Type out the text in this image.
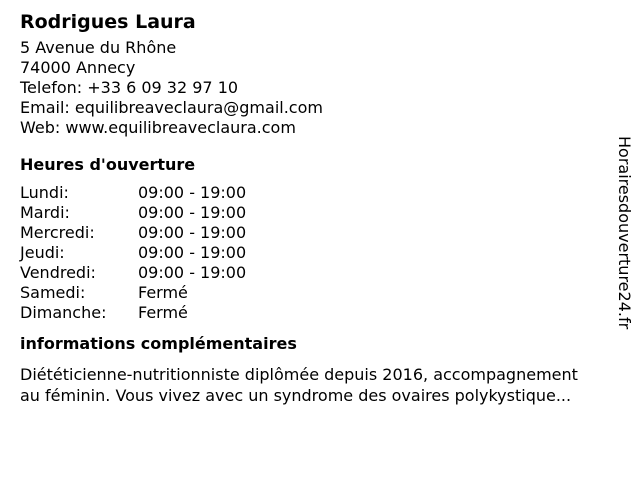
Rodrigues Laura
5 Avenue du Rhône
74000 Annecy
Telefon: +33 6 09 32 97 10
Email: equilibreaveclaura@gmail.com
Web: www.equilibreaveclaura.com
Heures d'ouverture
Lundi:	09:00 - 19:00
Mardi:	09:00 - 19:00
Mercredi:	09:00 - 19:00
Jeudi:	09:00 - 19:00
Vendredi:	09:00 - 19:00
Samedi:	Fermé
Dimanche:	Fermé
informations complémentaires
Diététicienne-nutritionniste diplômée depuis 2016, accompagnement
au féminin. Vous vivez avec un syndrome des ovaires polykystique...
Horairesdouverture24.fr
